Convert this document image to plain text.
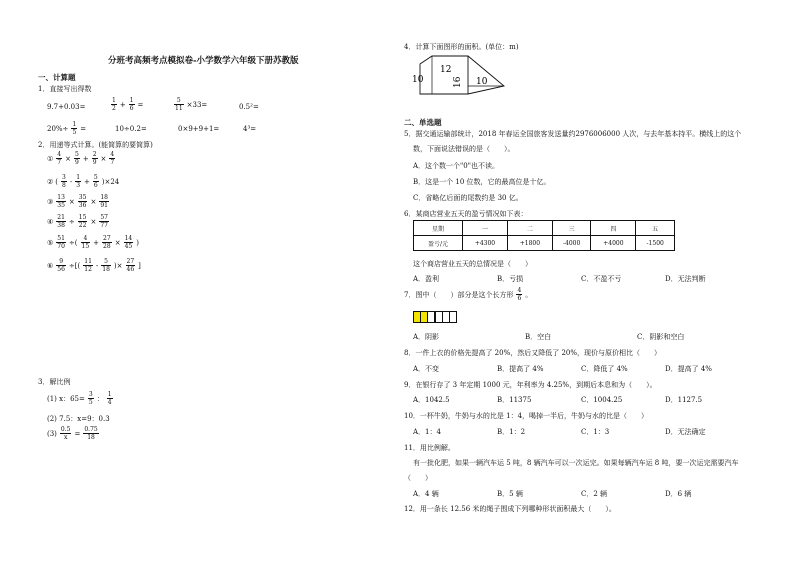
分班考高频考点模拟卷-小学数学六年级下册苏教版
一、计算题
1．直接写出得数
9.7+0.03=	$\frac{1}{2} + \frac{1}{6}$ =	$\frac{5}{11} \times 33=$	0.5²=
$20\%\div \frac{1}{5}$ =	10÷0.2=	0×9+9+1=	4³=
2．用递等式计算。(能简算的要简算)
① $\frac{4}{7} \times \frac{5}{9} + \frac{2}{9} \times \frac{4}{7}$
② ( $\frac{3}{8} - \frac{1}{3} + \frac{5}{6} )\times 24$
③ $\frac{13}{35} \times \frac{35}{36} \times \frac{18}{91}$
④ $\frac{21}{38} \div \frac{15}{22} \times \frac{57}{77}$
⑤ $\frac{51}{70}$ ÷( $\frac{4}{15} + \frac{27}{28} \times \frac{14}{45}$ )
⑥ $\frac{9}{56}$ ÷[( $\frac{11}{12} - \frac{5}{18}$ )× $\frac{27}{46}$ ]
3．解比例
(1) x：$65= \frac{3}{5}$ ： $\frac{1}{4}$
(2) 7.5：x=9：0.3
$(3) \frac{0.5}{x} = \frac{0.75}{18}$
4．计算下面图形的面积。(单位：m)
10
12
16 10
二、单选题
5．据交通运输部统计，2018 年春运全国旅客发送量约2976006000 人次，与去年基本持平。横线上的这个
数，下面说法错误的是（　　）。
A．这个数一个"0"也不读。
B．这是一个 10 位数，它的最高位是十亿。
C．省略亿后面的尾数约是 30 亿。
6．某商店营业五天的盈亏情况如下表：
星期	一	二	三	四	五
盈亏/元	+4300	+1800	-4000	+4000	-1500
这个商店营业五天的总情况是（　　）
A．盈利	B．亏损	C．不盈不亏	D．无法判断
7．图中（　　）部分是这个长方形 $\frac{4}{6}$ 。
A．阴影	B．空白	C．阴影和空白
8．一件上衣的价格先提高了 20%，然后又降低了 20%，现价与原价相比（　　）
A．不变	B．提高了 4%	C．降低了 4%	D．提高了 4%
9．在银行存了 3 年定期 1000 元，年利率为 4.25%，到期后本息和为（　　）。
A．1042.5	B．11375	C．1004.25	D．1127.5
10．一杯牛奶，牛奶与水的比是 1：4，喝掉一半后，牛奶与水的比是（　　）
A．1：4	B．1：2	C．1：3	D．无法确定
11．用比例解。
有一批化肥，如果一辆汽车运 5 吨，8 辆汽车可以一次运完。如果每辆汽车运 8 吨，要一次运完需要汽车
（　　）
A．4 辆	B．5 辆	C．2 辆	D．6 辆
12．用一条长 12.56 米的绳子围成下列哪种形状面积最大（　　）。
